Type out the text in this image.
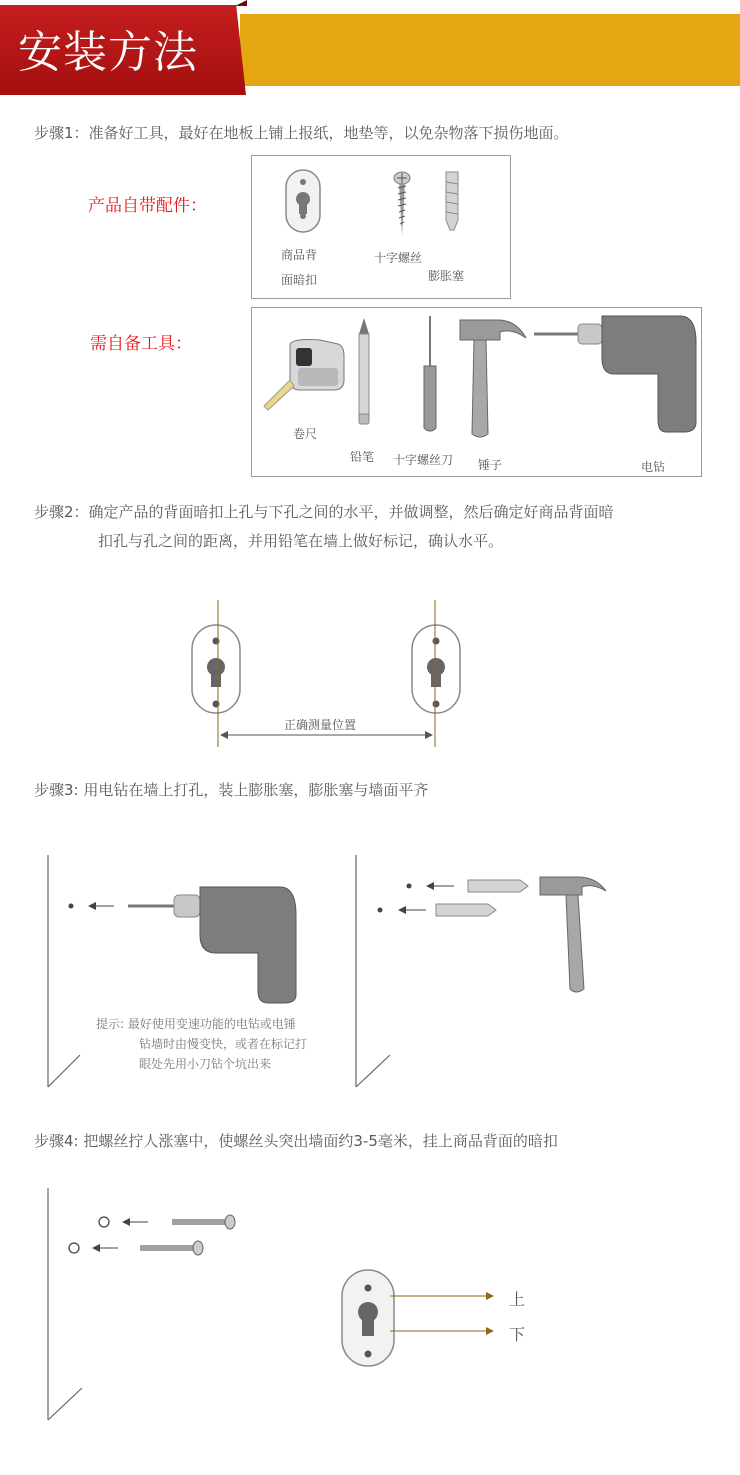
安装方法
步骤1：准备好工具，最好在地板上铺上报纸，地垫等，以免杂物落下损伤地面。
产品自带配件：
商品背
面暗扣
十字螺丝
膨胀塞
需自备工具：
卷尺
铅笔 十字螺丝刀 锤子	电钻
步骤2：确定产品的背面暗扣上孔与下孔之间的水平，并做调整，然后确定好商品背面暗
扣孔与孔之间的距离，并用铅笔在墙上做好标记，确认水平。
正确测量位置
步骤3: 用电钻在墙上打孔，装上膨胀塞，膨胀塞与墙面平齐
提示: 最好使用变速功能的电钻或电锤
钻墙时由慢变快，或者在标记打
眼处先用小刀钻个坑出来
步骤4: 把螺丝拧人涨塞中，使螺丝头突出墙面约3-5毫米，挂上商品背面的暗扣
上
下
